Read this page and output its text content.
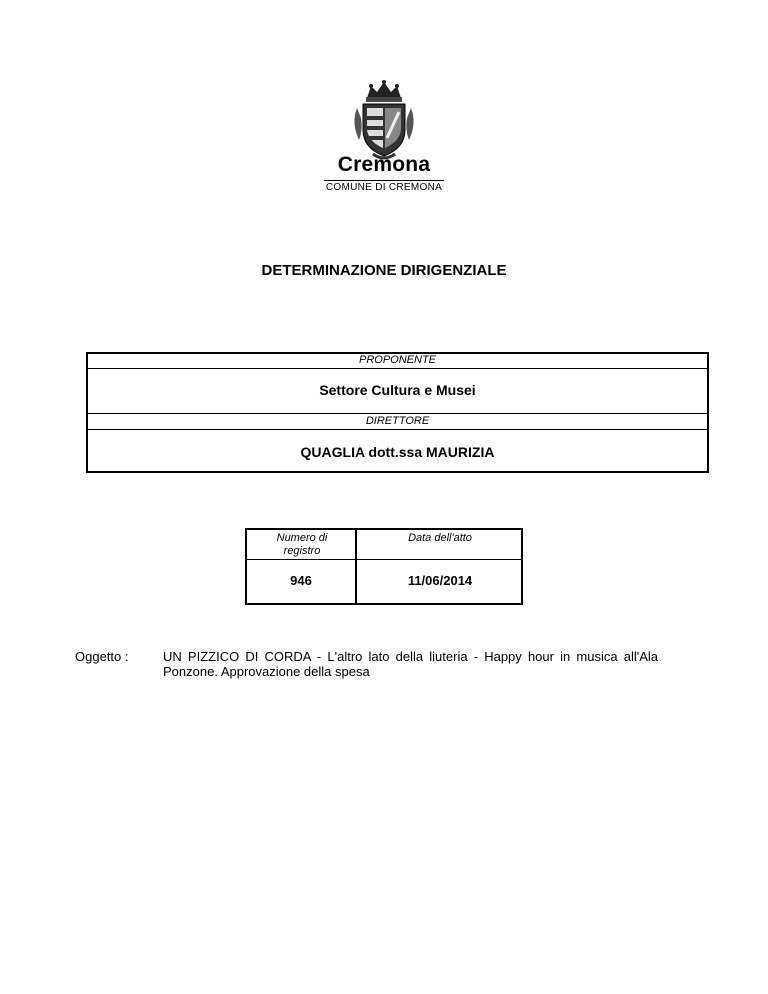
Cremona
COMUNE DI CREMONA
DETERMINAZIONE DIRIGENZIALE
PROPONENTE
Settore Cultura e Musei
DIRETTORE
QUAGLIA dott.ssa MAURIZIA
Numero di registro
Data dell'atto
946	11/06/2014
Oggetto :	UN PIZZICO DI CORDA - L'altro lato della liuteria - Happy hour in musica all'Ala Ponzone. Approvazione della spesa
